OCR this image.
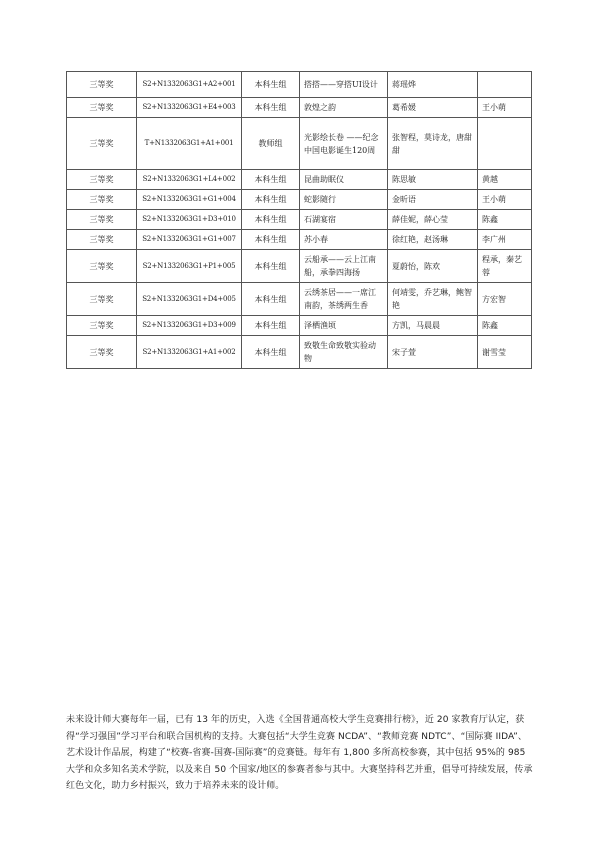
三等奖	S2+N1332063G1+A2+001	本科生组	搭搭——穿搭UI设计	蒋瑶烨	
三等奖	S2+N1332063G1+E4+003	本科生组	敦煌之韵	葛希媛	王小萌
三等奖	T+N1332063G1+A1+001	教师组	光影绘长卷 ——纪念中国电影诞生120周	张智程，莫诗龙，唐甜甜	
三等奖	S2+N1332063G1+L4+002	本科生组	昆曲助眠仪	陈思敏	黄越
三等奖	S2+N1332063G1+G1+004	本科生组	蛇影随行	金昕语	王小萌
三等奖	S2+N1332063G1+D3+010	本科生组	石湖宴宿	薛佳妮，薛心莹	陈鑫
三等奖	S2+N1332063G1+G1+007	本科生组	苏小春	徐红艳，赵汤琳	李广州
三等奖	S2+N1332063G1+P1+005	本科生组	云船承——云上江南船，承拳四海扬	夏蔚怡，陈欢	程承，秦艺蓉
三等奖	S2+N1332063G1+D4+005	本科生组	云绣茶居——一席江南韵，茶绣两生香	何靖雯，乔艺琳，鲍智艳	方宏智
三等奖	S2+N1332063G1+D3+009	本科生组	泽栖渔顷	方凯，马晨晨	陈鑫
三等奖	S2+N1332063G1+A1+002	本科生组	致敬生命致敬实验动物	宋子萱	谢雪莹
未来设计师大赛每年一届，已有 13 年的历史，入选《全国普通高校大学生竞赛排行榜》，近 20 家教育厅认定，获得“学习强国”学习平台和联合国机构的支持。大赛包括“大学生竞赛 NCDA”、“教师竞赛 NDTC”、“国际赛 IIDA”、艺术设计作品展，构建了“校赛-省赛-国赛-国际赛”的竞赛链。每年有 1,800 多所高校参赛，其中包括 95%的 985 大学和众多知名美术学院，以及来自 50 个国家/地区的参赛者参与其中。大赛坚持科艺并重，倡导可持续发展，传承红色文化，助力乡村振兴，致力于培养未来的设计师。
